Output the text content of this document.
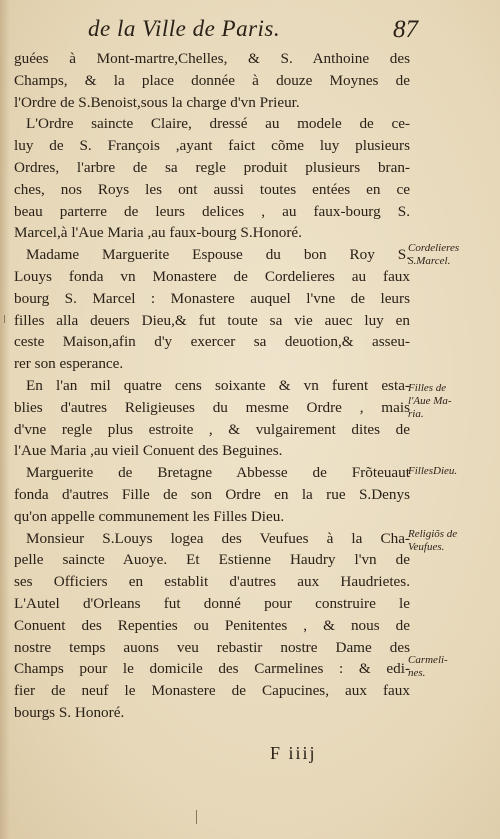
de la Ville de Paris.	87
guées à Mont-martre,Chelles, & S. Anthoine des
Champs, & la place donnée à douze Moynes de
l'Ordre de S.Benoist,sous la charge d'vn Prieur.
L'Ordre saincte Claire, dressé au modele de ce-
luy de S. François ,ayant faict cõme luy plusieurs
Ordres, l'arbre de sa regle produit plusieurs bran-
ches, nos Roys les ont aussi toutes entées en ce
beau parterre de leurs delices , au faux-bourg S.
Marcel,à l'Aue Maria ,au faux-bourg S.Honoré.
Madame Marguerite Espouse du bon Roy S.
Louys fonda vn Monastere de Cordelieres au faux
bourg S. Marcel : Monastere auquel l'vne de leurs
filles alla deuers Dieu,& fut toute sa vie auec luy en
ceste Maison,afin d'y exercer sa deuotion,& asseu-
rer son esperance.
En l'an mil quatre cens soixante & vn furent esta-
blies d'autres Religieuses du mesme Ordre , mais
d'vne regle plus estroite , & vulgairement dites de
l'Aue Maria ,au vieil Conuent des Beguines.
Marguerite de Bretagne Abbesse de Frõteuaut
fonda d'autres Fille de son Ordre en la rue S.Denys
qu'on appelle communement les Filles Dieu.
Monsieur S.Louys logea des Veufues à la Cha-
pelle saincte Auoye. Et Estienne Haudry l'vn de
ses Officiers en establit d'autres aux Haudrietes.
L'Autel d'Orleans fut donné pour construire le
Conuent des Repenties ou Penitentes , & nous de
nostre temps auons veu rebastir nostre Dame des
Champs pour le domicile des Carmelines : & edi-
fier de neuf le Monastere de Capucines, aux faux
bourgs S. Honoré.
Cordelieres
S.Marcel.
Filles de
l'Aue Ma-
ria.
FillesDieu.
Religiõs de
Veufues.
Carmeli-
nes.
F iiij
